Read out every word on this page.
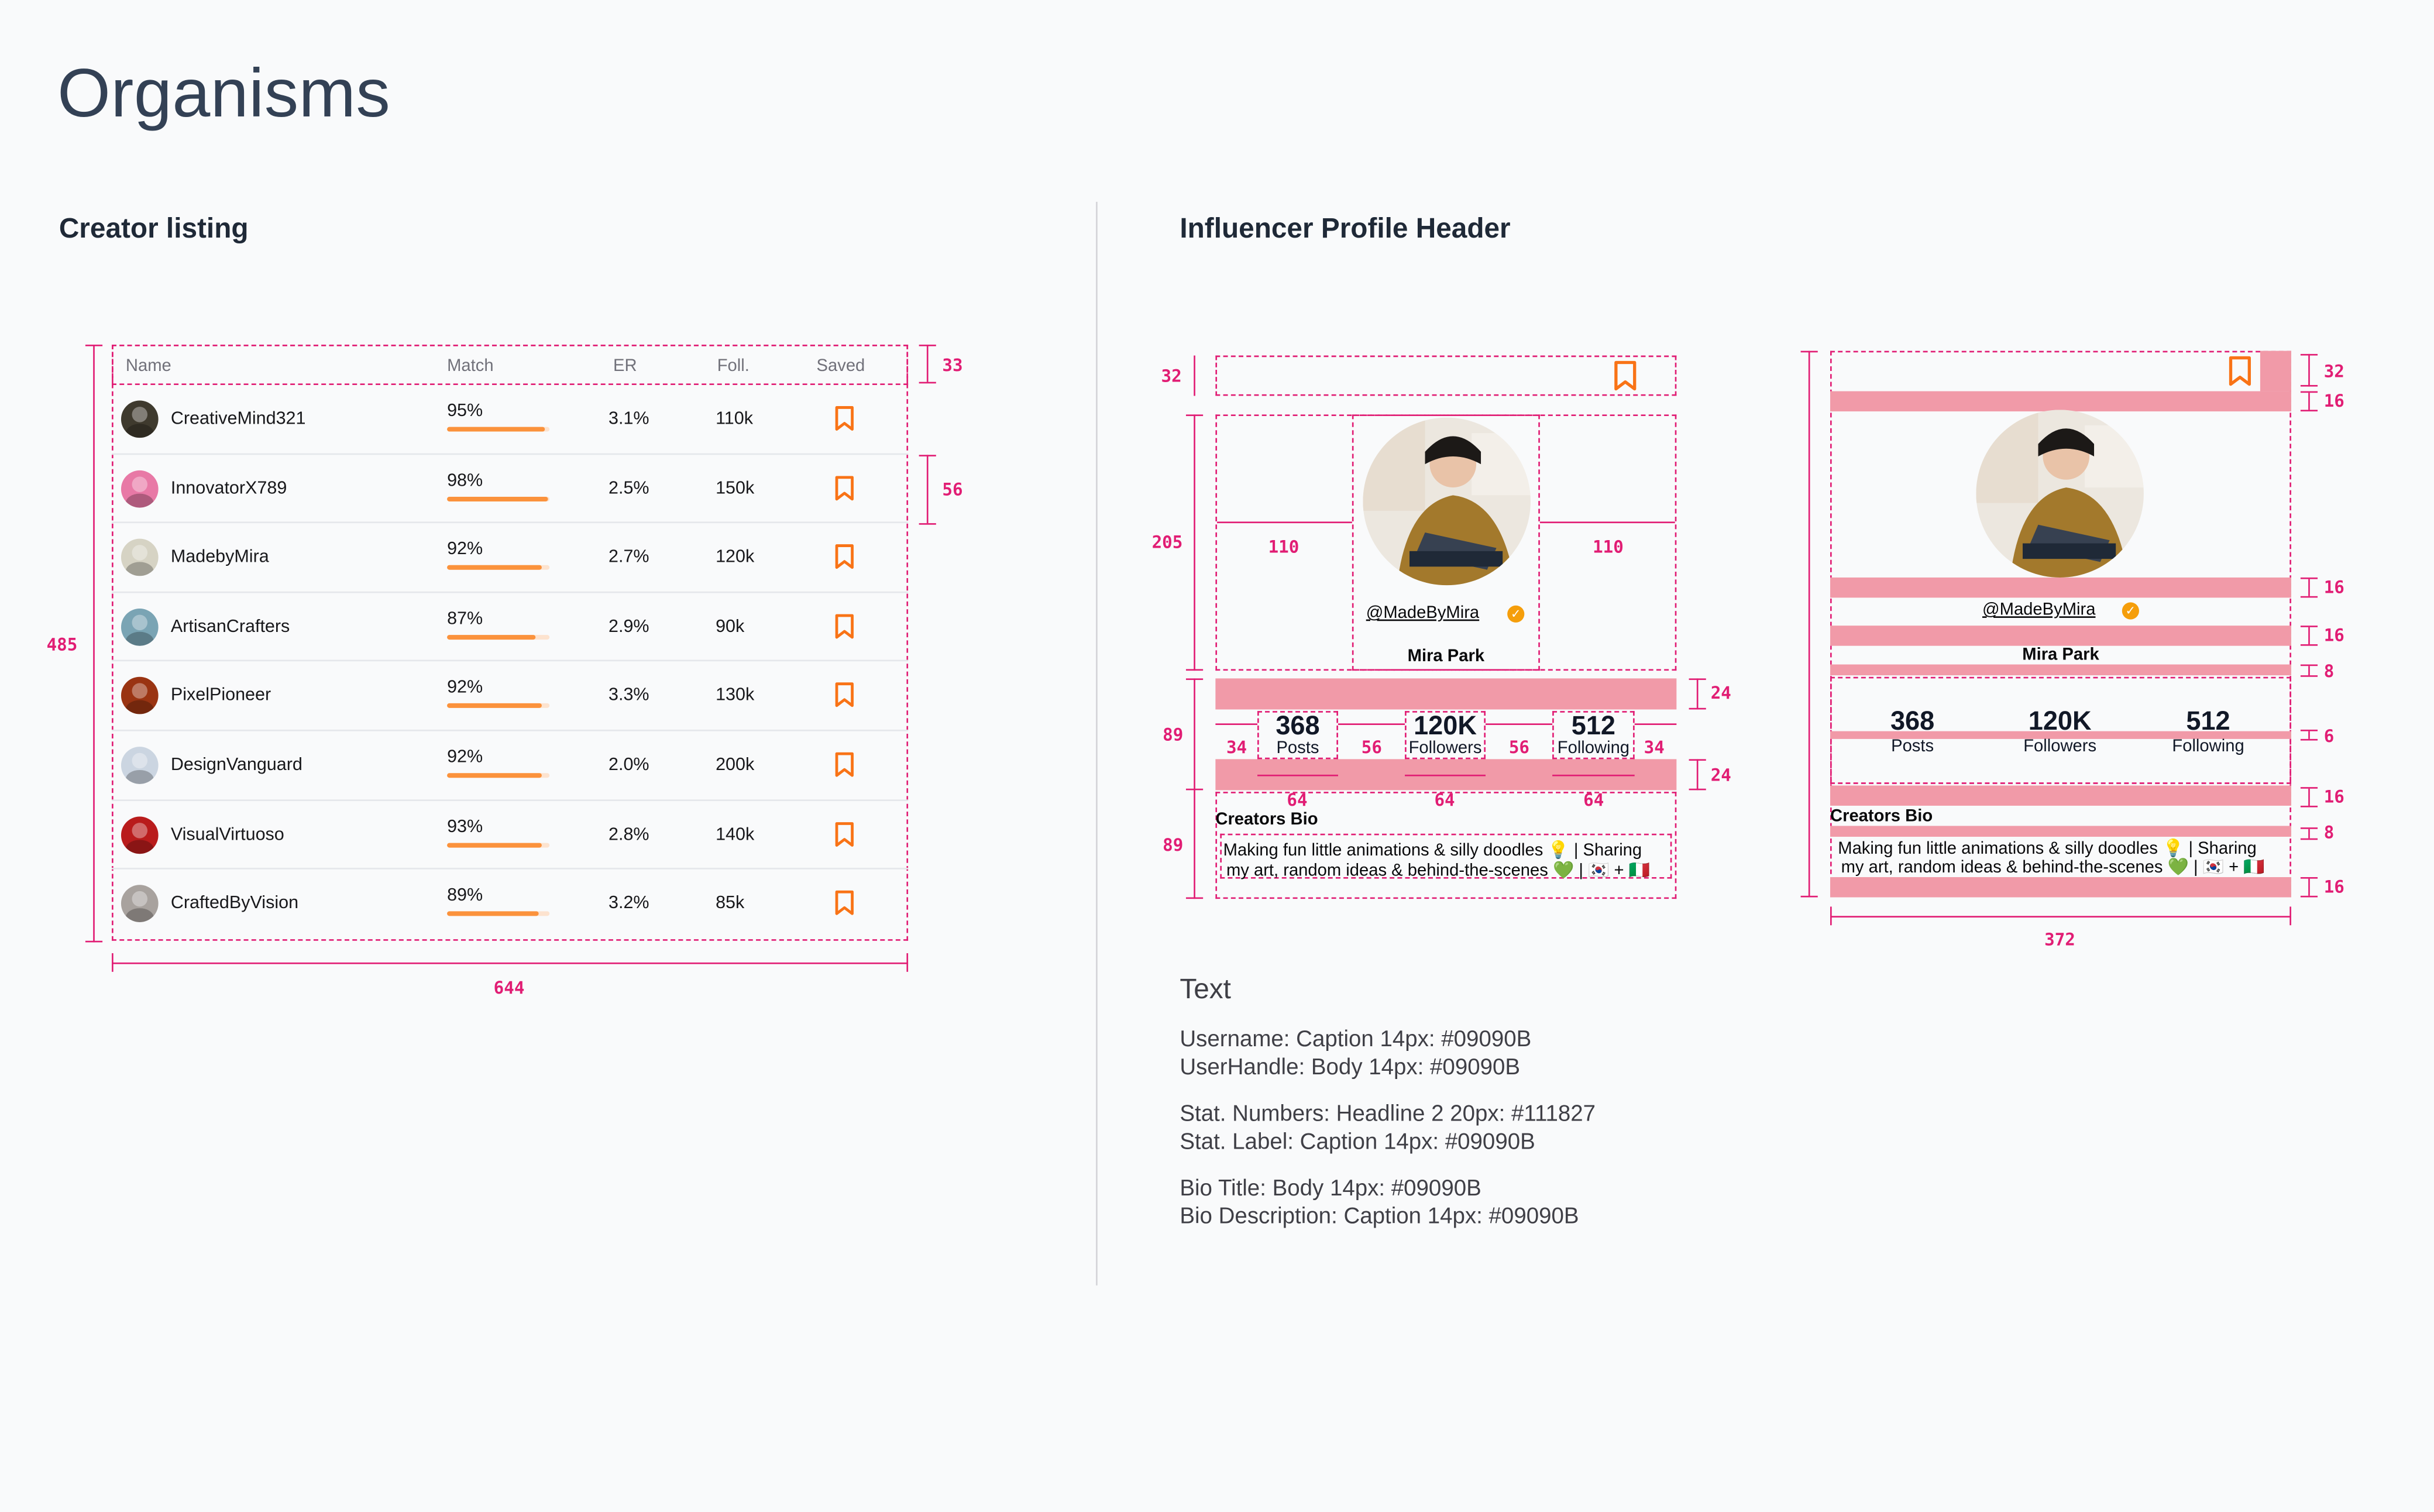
Organisms
Creator listing	Influencer Profile Header
Name	Match	ER	Foll.	Saved
CreativeMind321	95%	3.1%	110k
InnovatorX789	98%	2.5%	150k
MadebyMira	92%	2.7%	120k
ArtisanCrafters	87%	2.9%	90k
PixelPioneer	92%	3.3%	130k
DesignVanguard	92%	2.0%	200k
VisualVirtuoso	93%	2.8%	140k
CraftedByVision	89%	3.2%	85k
485
644
33
56
@MadeByMira	✓
Mira Park
368
Posts
120K
Followers
512
Following
34	56	56	34
64	64	64
Creators Bio
Making fun little animations & silly doodles 💡 | Sharing
my art, random ideas & behind-the-scenes 💚 | 🇰🇷 + 🇮🇹
32
205
89
89
110	110
24
24
@MadeByMira	✓
Mira Park
368
Posts
120K
Followers
512
Following
Creators Bio
Making fun little animations & silly doodles 💡 | Sharing
my art, random ideas & behind-the-scenes 💚 | 🇰🇷 + 🇮🇹
372
32
16
16
16
8
6
16
8
16
Text
Username: Caption 14px: #09090B
UserHandle: Body 14px: #09090B
Stat. Numbers: Headline 2 20px: #111827
Stat. Label: Caption 14px: #09090B
Bio Title: Body 14px: #09090B
Bio Description: Caption 14px: #09090B
